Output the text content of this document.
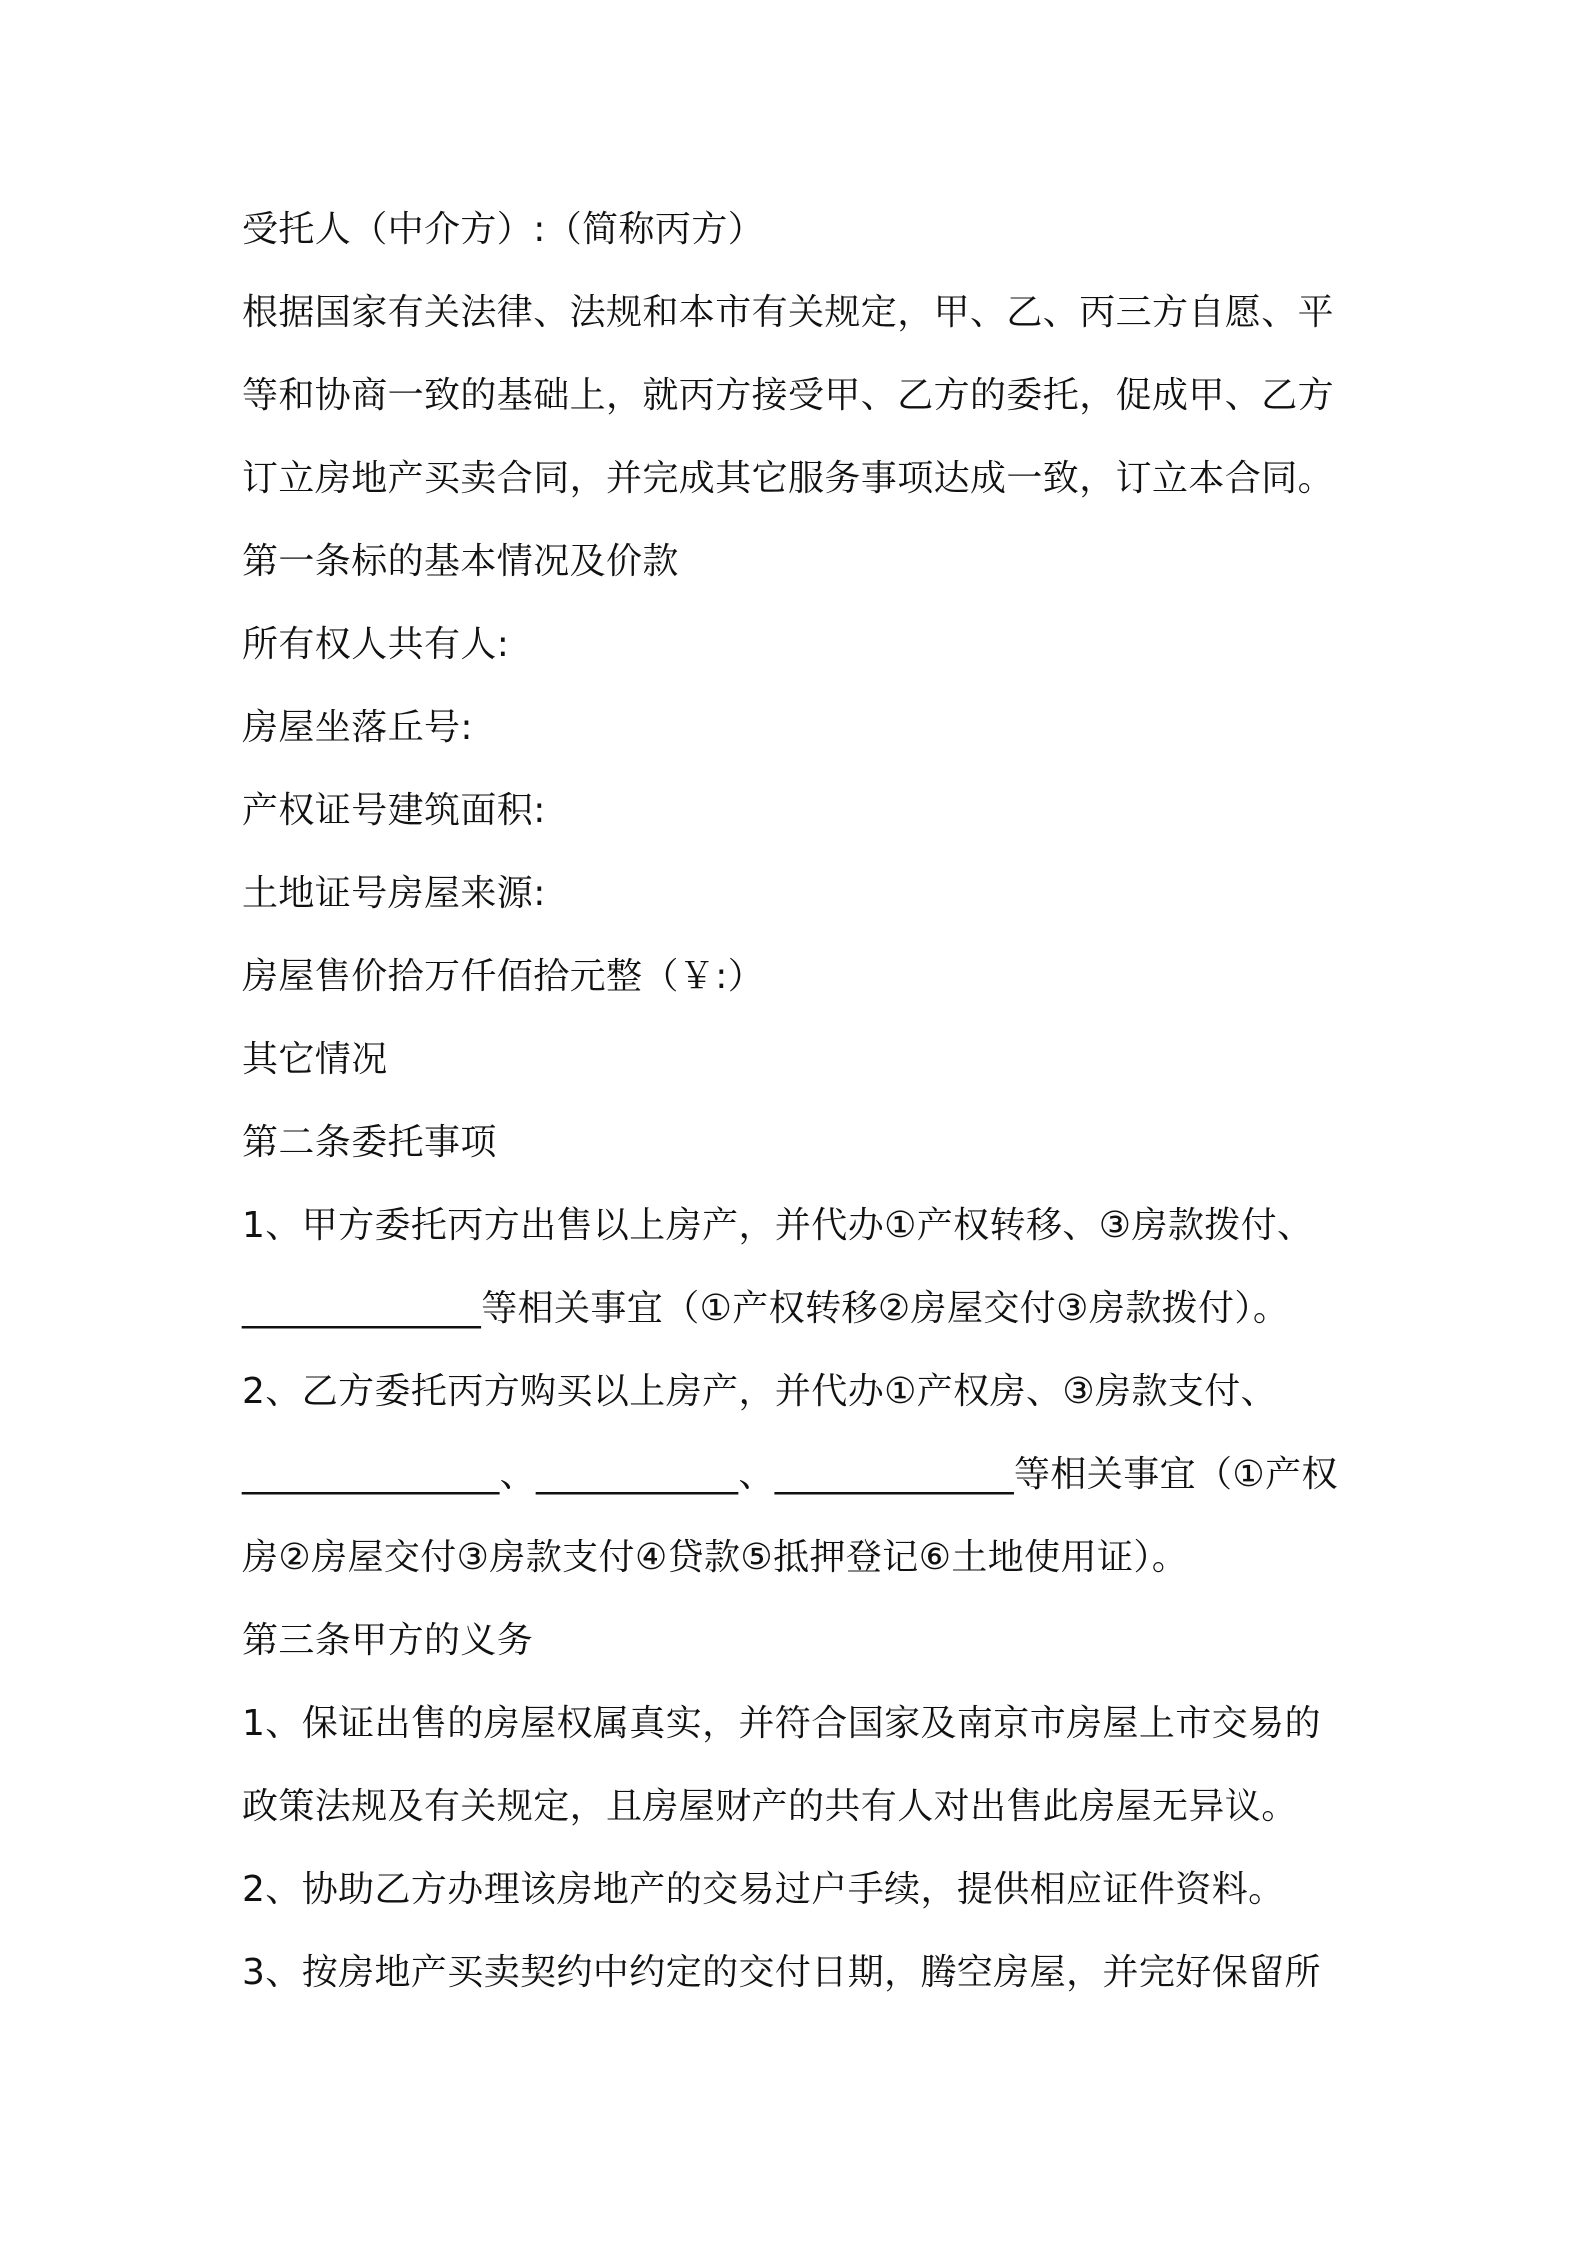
受托人（中介方）:（简称丙方）
根据国家有关法律、法规和本市有关规定，甲、乙、丙三方自愿、平
等和协商一致的基础上，就丙方接受甲、乙方的委托，促成甲、乙方
订立房地产买卖合同，并完成其它服务事项达成一致，订立本合同。
第一条标的基本情况及价款
所有权人共有人:
房屋坐落丘号:
产权证号建筑面积:
土地证号房屋来源:
房屋售价拾万仟佰拾元整（￥:）
其它情况
第二条委托事项
1、甲方委托丙方出售以上房产，并代办①产权转移、③房款拨付、
_____________等相关事宜（①产权转移②房屋交付③房款拨付）。
2、乙方委托丙方购买以上房产，并代办①产权房、③房款支付、
______________、___________、_____________等相关事宜（①产权
房②房屋交付③房款支付④贷款⑤抵押登记⑥土地使用证）。
第三条甲方的义务
1、保证出售的房屋权属真实，并符合国家及南京市房屋上市交易的
政策法规及有关规定，且房屋财产的共有人对出售此房屋无异议。
2、协助乙方办理该房地产的交易过户手续，提供相应证件资料。
3、按房地产买卖契约中约定的交付日期，腾空房屋，并完好保留所
